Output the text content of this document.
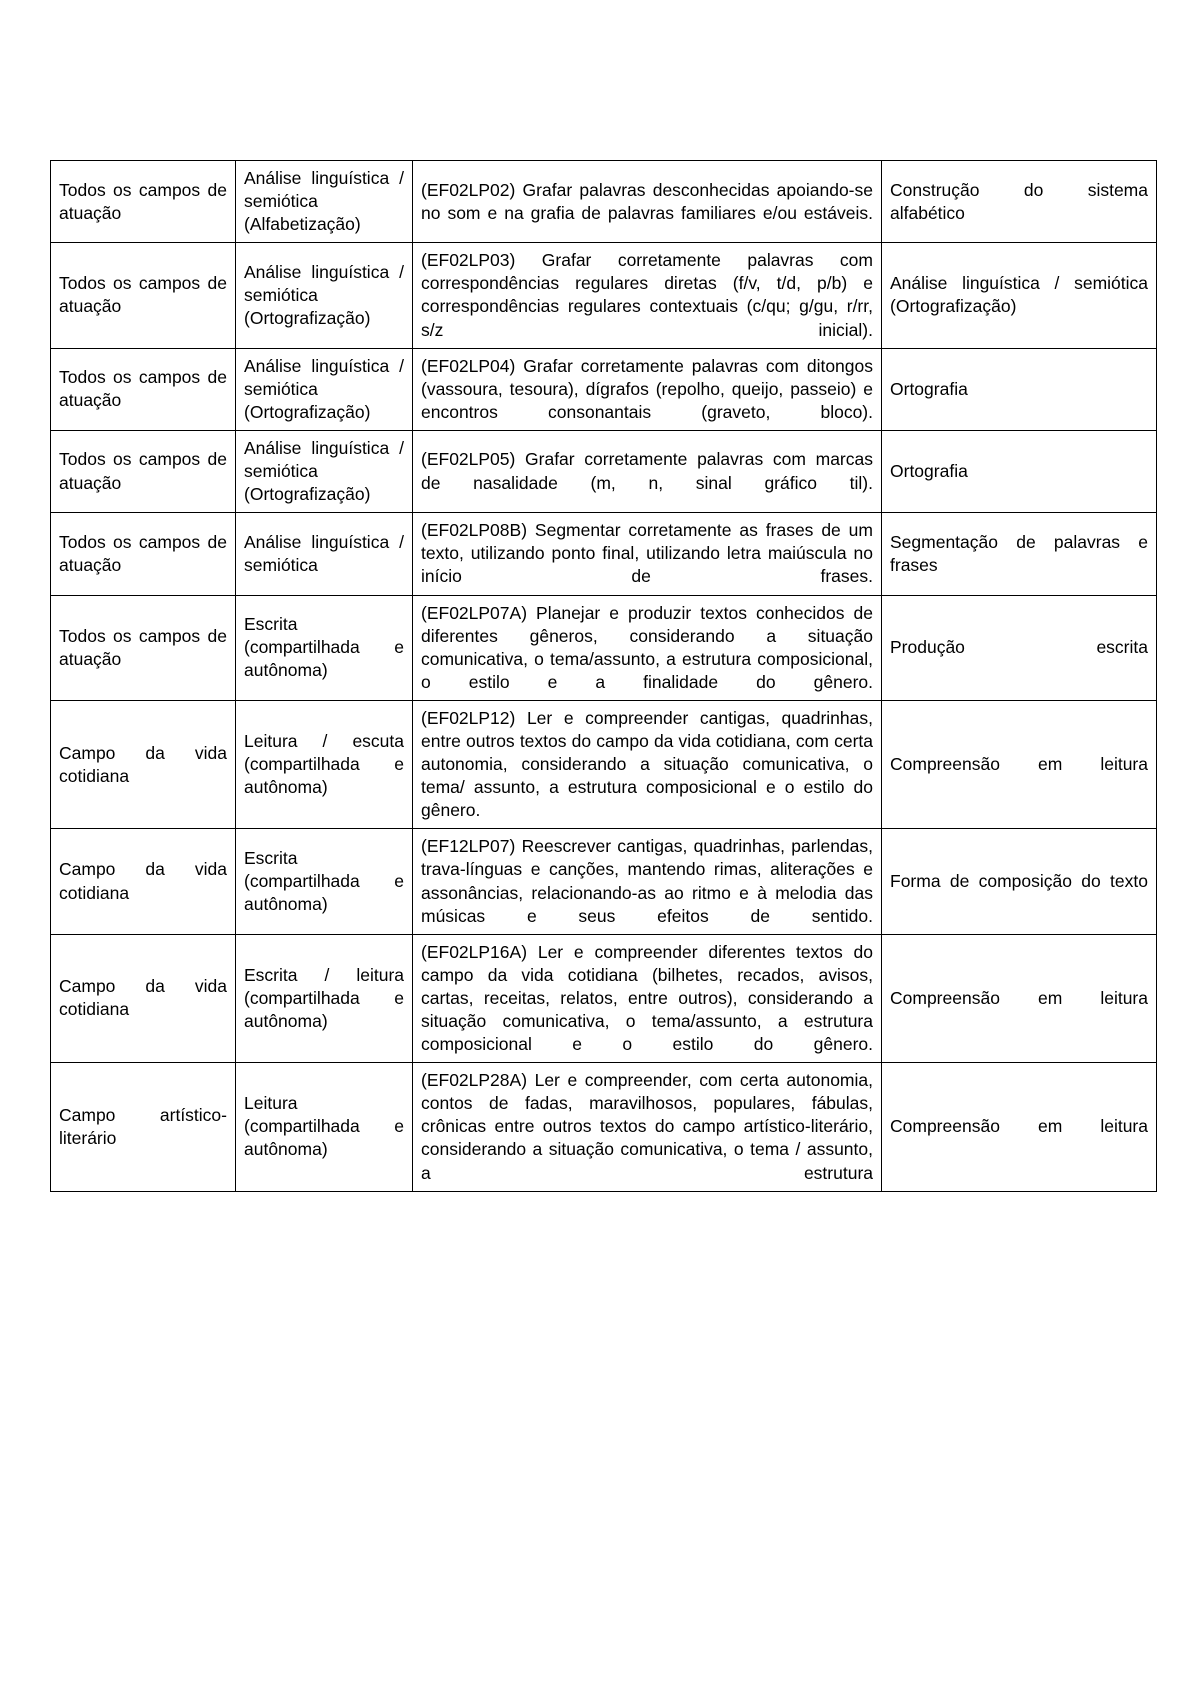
Todos os campos de atuação	Análise linguística / semiótica (Alfabetização)	(EF02LP02) Grafar palavras desconhecidas apoiando-se no som e na grafia de palavras familiares e/ou estáveis.	Construção do sistema alfabético
Todos os campos de atuação	Análise linguística / semiótica (Ortografização)	(EF02LP03) Grafar corretamente palavras com correspondências regulares diretas (f/v, t/d, p/b) e correspondências regulares contextuais (c/qu; g/gu, r/rr, s/z inicial).	Análise linguística / semiótica (Ortografização)
Todos os campos de atuação	Análise linguística / semiótica (Ortografização)	(EF02LP04) Grafar corretamente palavras com ditongos (vassoura, tesoura), dígrafos (repolho, queijo, passeio) e encontros consonantais (graveto, bloco).	Ortografia
Todos os campos de atuação	Análise linguística / semiótica (Ortografização)	(EF02LP05) Grafar corretamente palavras com marcas de nasalidade (m, n, sinal gráfico til).	Ortografia
Todos os campos de atuação	Análise linguística / semiótica	(EF02LP08B) Segmentar corretamente as frases de um texto, utilizando ponto final, utilizando letra maiúscula no início de frases.	Segmentação de palavras e frases
Todos os campos de atuação	Escrita (compartilhada e autônoma)	(EF02LP07A) Planejar e produzir textos conhecidos de diferentes gêneros, considerando a situação comunicativa, o tema/assunto, a estrutura composicional, o estilo e a finalidade do gênero.	Produção escrita
Campo da vida cotidiana	Leitura / escuta (compartilhada e autônoma)	(EF02LP12) Ler e compreender cantigas, quadrinhas, entre outros textos do campo da vida cotidiana, com certa autonomia, considerando a situação comunicativa, o tema/ assunto, a estrutura composicional e o estilo do gênero.	Compreensão em leitura
Campo da vida cotidiana	Escrita (compartilhada e autônoma)	(EF12LP07) Reescrever cantigas, quadrinhas, parlendas, trava-línguas e canções, mantendo rimas, aliterações e assonâncias, relacionando-as ao ritmo e à melodia das músicas e seus efeitos de sentido.	Forma de composição do texto
Campo da vida cotidiana	Escrita / leitura (compartilhada e autônoma)	(EF02LP16A) Ler e compreender diferentes textos do campo da vida cotidiana (bilhetes, recados, avisos, cartas, receitas, relatos, entre outros), considerando a situação comunicativa, o tema/assunto, a estrutura composicional e o estilo do gênero.	Compreensão em leitura
Campo artístico-literário	Leitura (compartilhada e autônoma)	(EF02LP28A) Ler e compreender, com certa autonomia, contos de fadas, maravilhosos, populares, fábulas, crônicas entre outros textos do campo artístico-literário, considerando a situação comunicativa, o tema / assunto, a estrutura	Compreensão em leitura
